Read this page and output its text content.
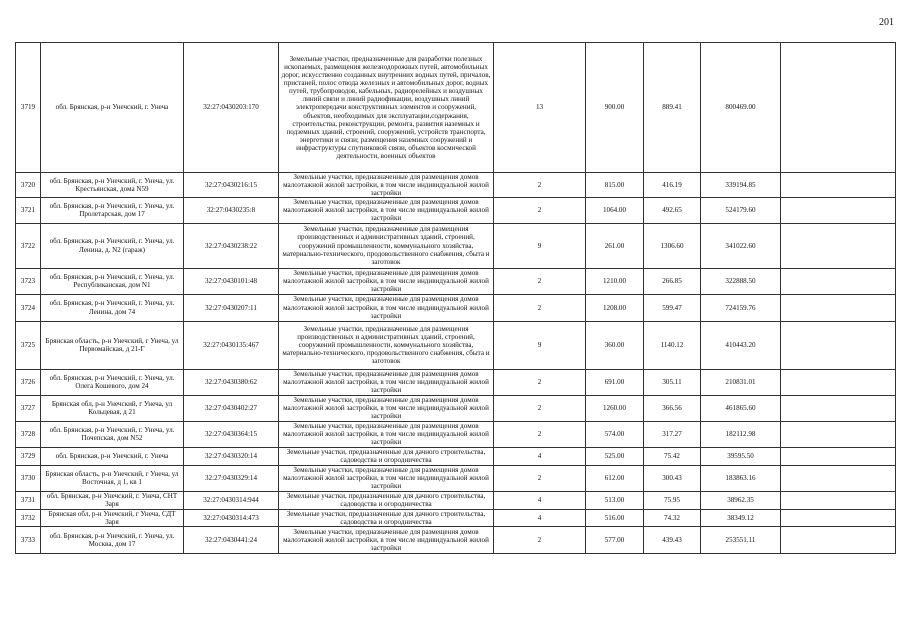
201
3719	обл. Брянская, р-н Унечский, г. Унеча	32:27:0430203:170	Земельные участки, предназначенные для разработки полезных ископаемых, размещения железнодорожных путей, автомобильных дорог, искусственно созданных внутренних водных путей, причалов, пристаней, полос отвода железных и автомобильных дорог, водных путей, трубопроводов, кабельных, радиорелейных и воздушных линий связи и линий радиофикации, воздушных линий электропередачи конструктивных элементов и сооружений, объектов, необходимых для эксплуатации,содержания, строительства, реконструкции, ремонта, развития наземных и подземных зданий, строений, сооружений, устройств транспорта, энергетики и связи; размещения наземных сооружений и инфраструктуры спутниковой связи, объектов космической деятельности, военных объектов	13	900.00	889.41	800469.00	
3720	обл. Брянская, р-н Унечский, г. Унеча, ул. Крестьянская, дома N59	32:27:0430216:15	Земельные участки, предназначенные для размещения домов малоэтажной жилой застройки, в том числе индивидуальной жилой застройки	2	815.00	416.19	339194.85	
3721	обл. Брянская, р-н Унечский, г. Унеча, ул. Пролетарская, дом 17	32:27:0430235:8	Земельные участки, предназначенные для размещения домов малоэтажной жилой застройки, в том числе индивидуальной жилой застройки	2	1064.00	492.65	524179.60	
3722	обл. Брянская, р-н Унечский, г. Унеча, ул. Ленина, д. N2 (гараж)	32:27:0430238:22	Земельные участки, предназначенные для размещения производственных и административных зданий, строений, сооружений промышленности, коммунального хозяйства, материально-технического, продовольственного снабжения, сбыта и заготовок	9	261.00	1306.60	341022.60	
3723	обл. Брянская, р-н Унечский, г. Унеча, ул. Республиканская, дом N1	32:27:0430101:48	Земельные участки, предназначенные для размещения домов малоэтажной жилой застройки, в том числе индивидуальной жилой застройки	2	1210.00	266.85	322888.50	
3724	обл. Брянская, р-н Унечский, г. Унеча, ул. Ленина, дом 74	32:27:0430207:11	Земельные участки, предназначенные для размещения домов малоэтажной жилой застройки, в том числе индивидуальной жилой застройки	2	1208.00	599.47	724159.76	
3725	Брянская область, р-н Унечский, г Унеча, ул Первомайская, д 21-Г	32:27:0430135:467	Земельные участки, предназначенные для размещения производственных и административных зданий, строений, сооружений промышленности, коммунального хозяйства, материально-технического, продовольственного снабжения, сбыта и заготовок	9	360.00	1140.12	410443.20	
3726	обл. Брянская, р-н Унечский, г. Унеча, ул. Олега Кошевого, дом 24	32:27:0430380:62	Земельные участки, предназначенные для размещения домов малоэтажной жилой застройки, в том числе индивидуальной жилой застройки	2	691.00	305.11	210831.01	
3727	Брянская обл, р-н Унечский, г Унеча, ул Кольцевая, д 21	32:27:0430402:27	Земельные участки, предназначенные для размещения домов малоэтажной жилой застройки, в том числе индивидуальной жилой застройки	2	1260.00	366.56	461865.60	
3728	обл. Брянская, р-н Унечский, г. Унеча, ул. Почепская, дом N52	32:27:0430364:15	Земельные участки, предназначенные для размещения домов малоэтажной жилой застройки, в том числе индивидуальной жилой застройки	2	574.00	317.27	182112.98	
3729	обл. Брянская, р-н Унечский, г. Унеча	32:27:0430320:14	Земельные участки, предназначенные для дачного строительства, садоводства и огородничества	4	525.00	75.42	39595.50	
3730	Брянская область, р-н Унечский, г Унеча, ул Восточная, д 1, кв 1	32:27:0430329:14	Земельные участки, предназначенные для размещения домов малоэтажной жилой застройки, в том числе индивидуальной жилой застройки	2	612.00	300.43	183863.16	
3731	обл. Брянская, р-н Унечский, г. Унеча, СНТ Заря	32:27:0430314:944	Земельные участки, предназначенные для дачного строительства, садоводства и огородничества	4	513.00	75.95	38962.35	
3732	Брянская обл, р-н Унечский, г Унеча, СДТ Заря	32:27:0430314:473	Земельные участки, предназначенные для дачного строительства, садоводства и огородничества	4	516.00	74.32	38349.12	
3733	обл. Брянская, р-н Унечский, г. Унеча, ул. Москва, дом 17	32:27:0430441:24	Земельные участки, предназначенные для размещения домов малоэтажной жилой застройки, в том числе индивидуальной жилой застройки	2	577.00	439.43	253551.11	
